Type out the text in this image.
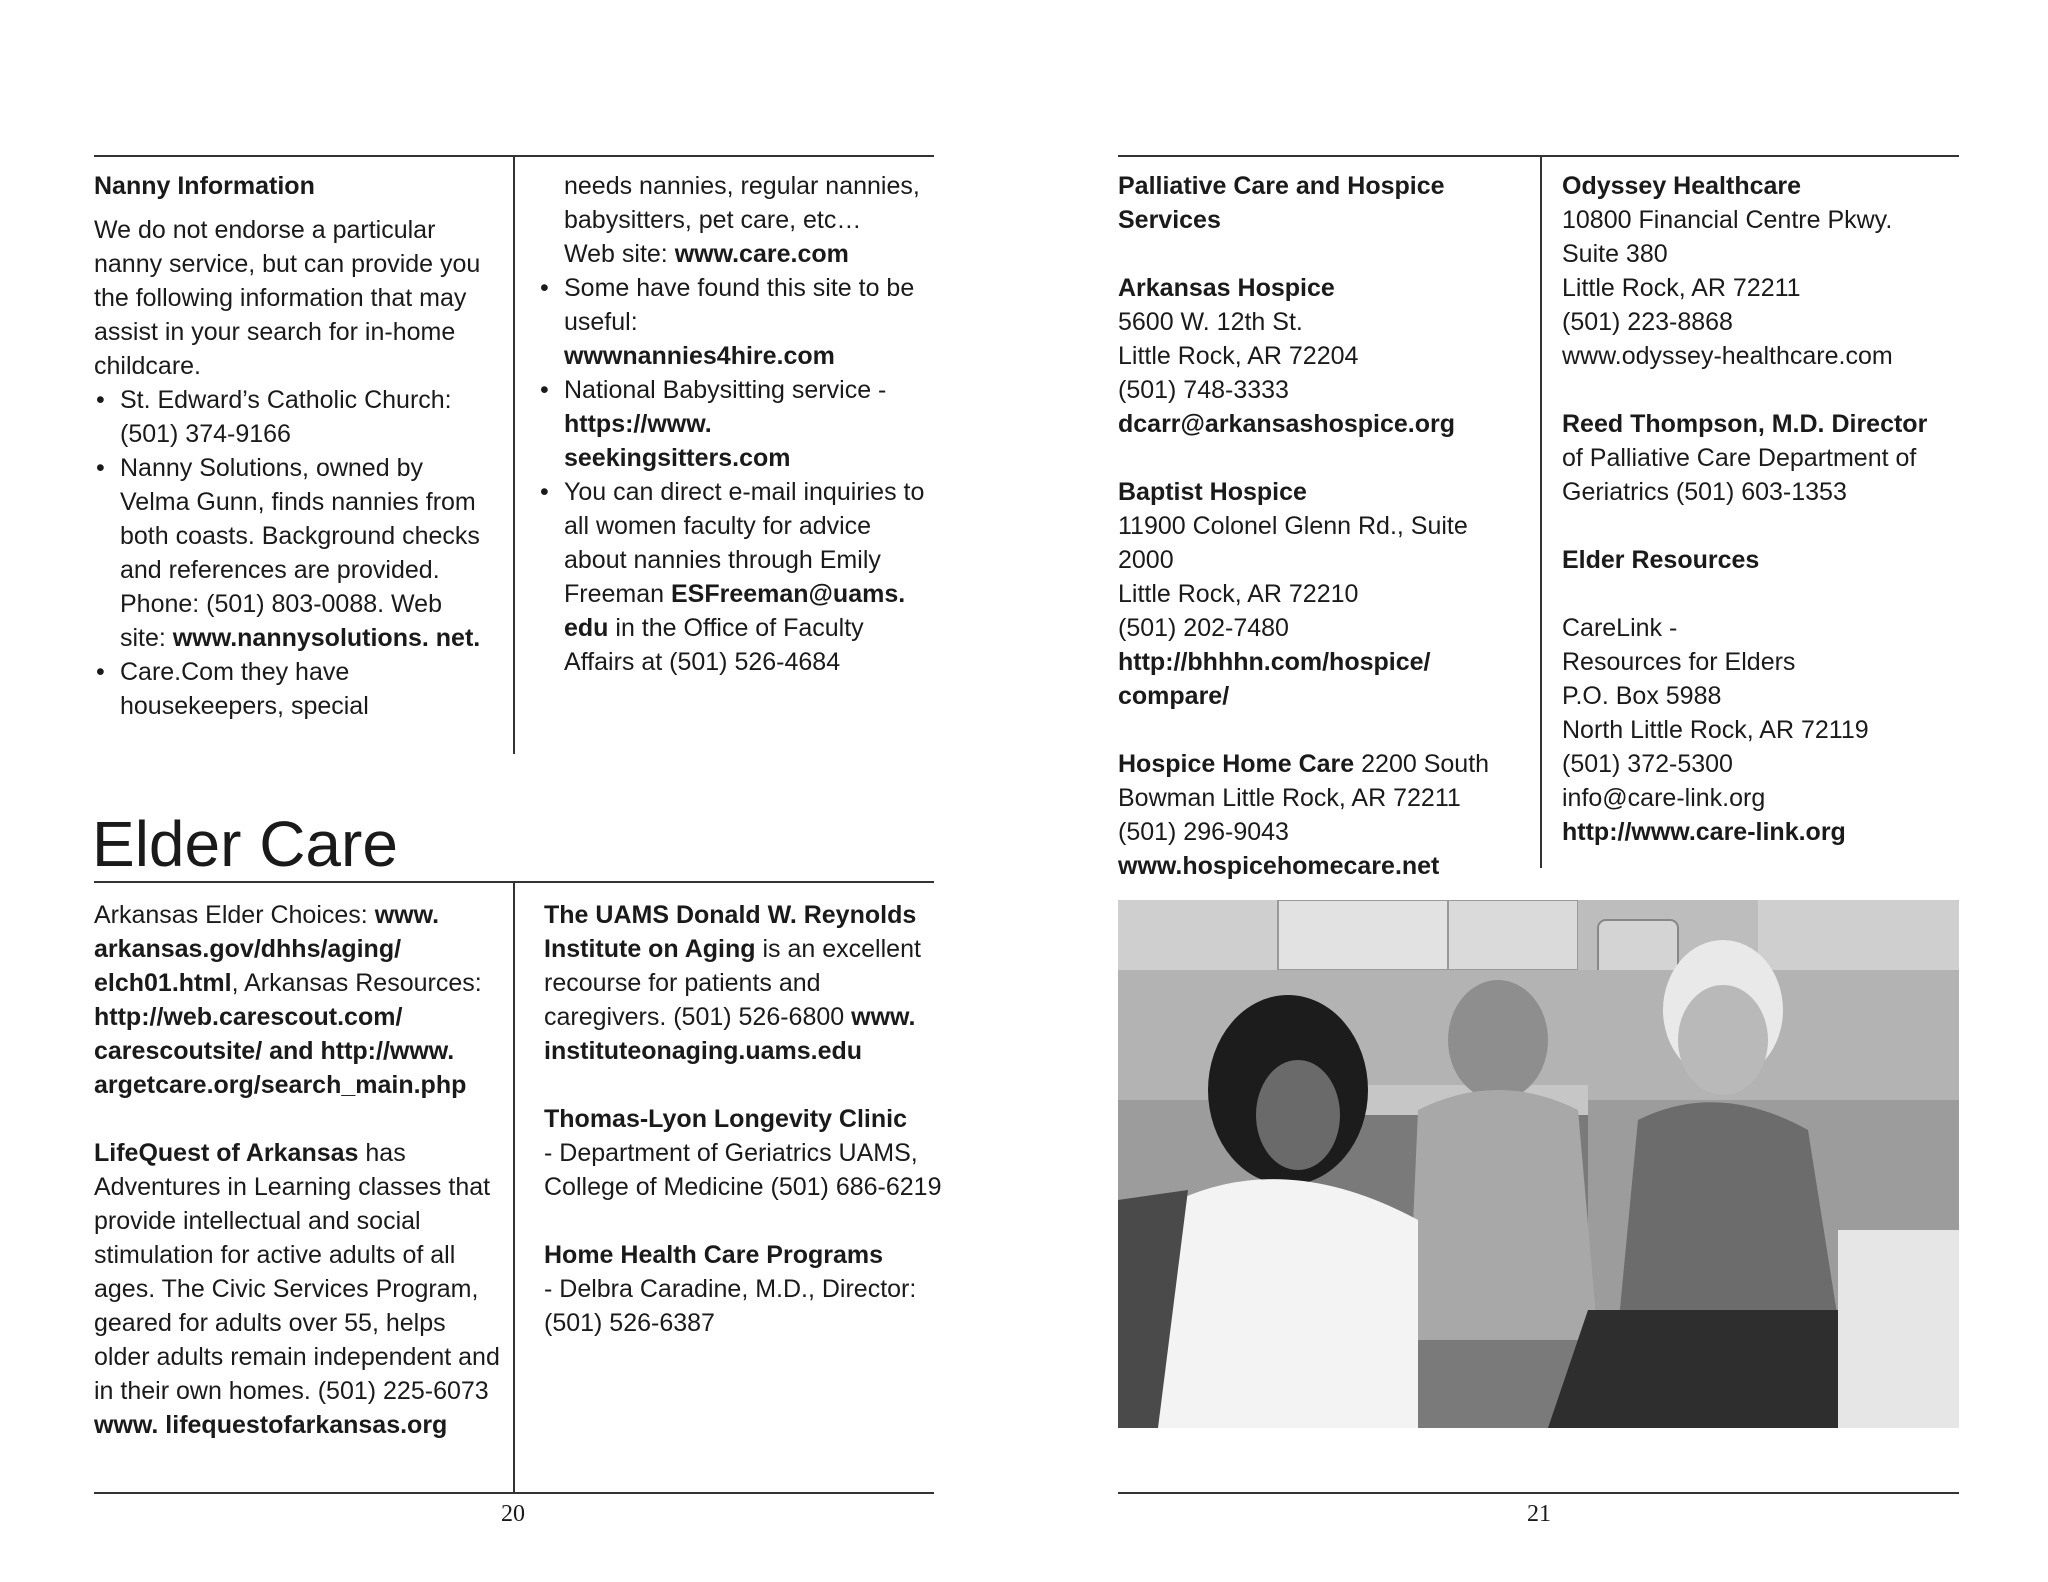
Nanny Information

We do not endorse a particular nanny service, but can provide you the following information that may assist in your search for in-home childcare.

• St. Edward’s Catholic Church: (501) 374-9166
• Nanny Solutions, owned by Velma Gunn, finds nannies from both coasts. Background checks and references are provided. Phone: (501) 803-0088. Web site: www.nannysolutions. net.
• Care.Com they have housekeepers, special

needs nannies, regular nannies, babysitters, pet care, etc…

Web site: www.care.com

• Some have found this site to be useful:
wwwnannies4hire.com
• National Babysitting service - https://www. seekingsitters.com
• You can direct e-mail inquiries to all women faculty for advice about nannies through Emily Freeman ESFreeman@uams. edu in the Office of Faculty Affairs at (501) 526-4684
Elder Care

Arkansas Elder Choices: www. arkansas.gov/dhhs/aging/ elch01.html, Arkansas Resources: http://web.carescout.com/ carescoutsite/ and http://www. argetcare.org/search_main.php

LifeQuest of Arkansas has Adventures in Learning classes that provide intellectual and social stimulation for active adults of all ages. The Civic Services Program, geared for adults over 55, helps older adults remain independent and in their own homes. (501) 225-6073 www. lifequestofarkansas.org

The UAMS Donald W. Reynolds Institute on Aging is an excellent recourse for patients and caregivers. (501) 526-6800 www. instituteonaging.uams.edu

Thomas-Lyon Longevity Clinic

- Department of Geriatrics UAMS, College of Medicine (501) 686-6219

Home Health Care Programs

- Delbra Caradine, M.D., Director: (501) 526-6387

20

Palliative Care and Hospice Services

Arkansas Hospice

5600 W. 12th St.

Little Rock, AR 72204

(501) 748-3333

dcarr@arkansashospice.org

Baptist Hospice

11900 Colonel Glenn Rd., Suite 2000

Little Rock, AR 72210

(501) 202-7480

http://bhhhn.com/hospice/ compare/

Hospice Home Care 2200 South Bowman Little Rock, AR 72211

(501) 296-9043

www.hospicehomecare.net

Odyssey Healthcare

10800 Financial Centre Pkwy.

Suite 380

Little Rock, AR 72211

(501) 223-8868

www.odyssey-healthcare.com

Reed Thompson, M.D. Director

of Palliative Care Department of Geriatrics (501) 603-1353

Elder Resources

CareLink -

Resources for Elders

P.O. Box 5988

North Little Rock, AR 72119

(501) 372-5300

info@care-link.org

http://www.care-link.org

21
